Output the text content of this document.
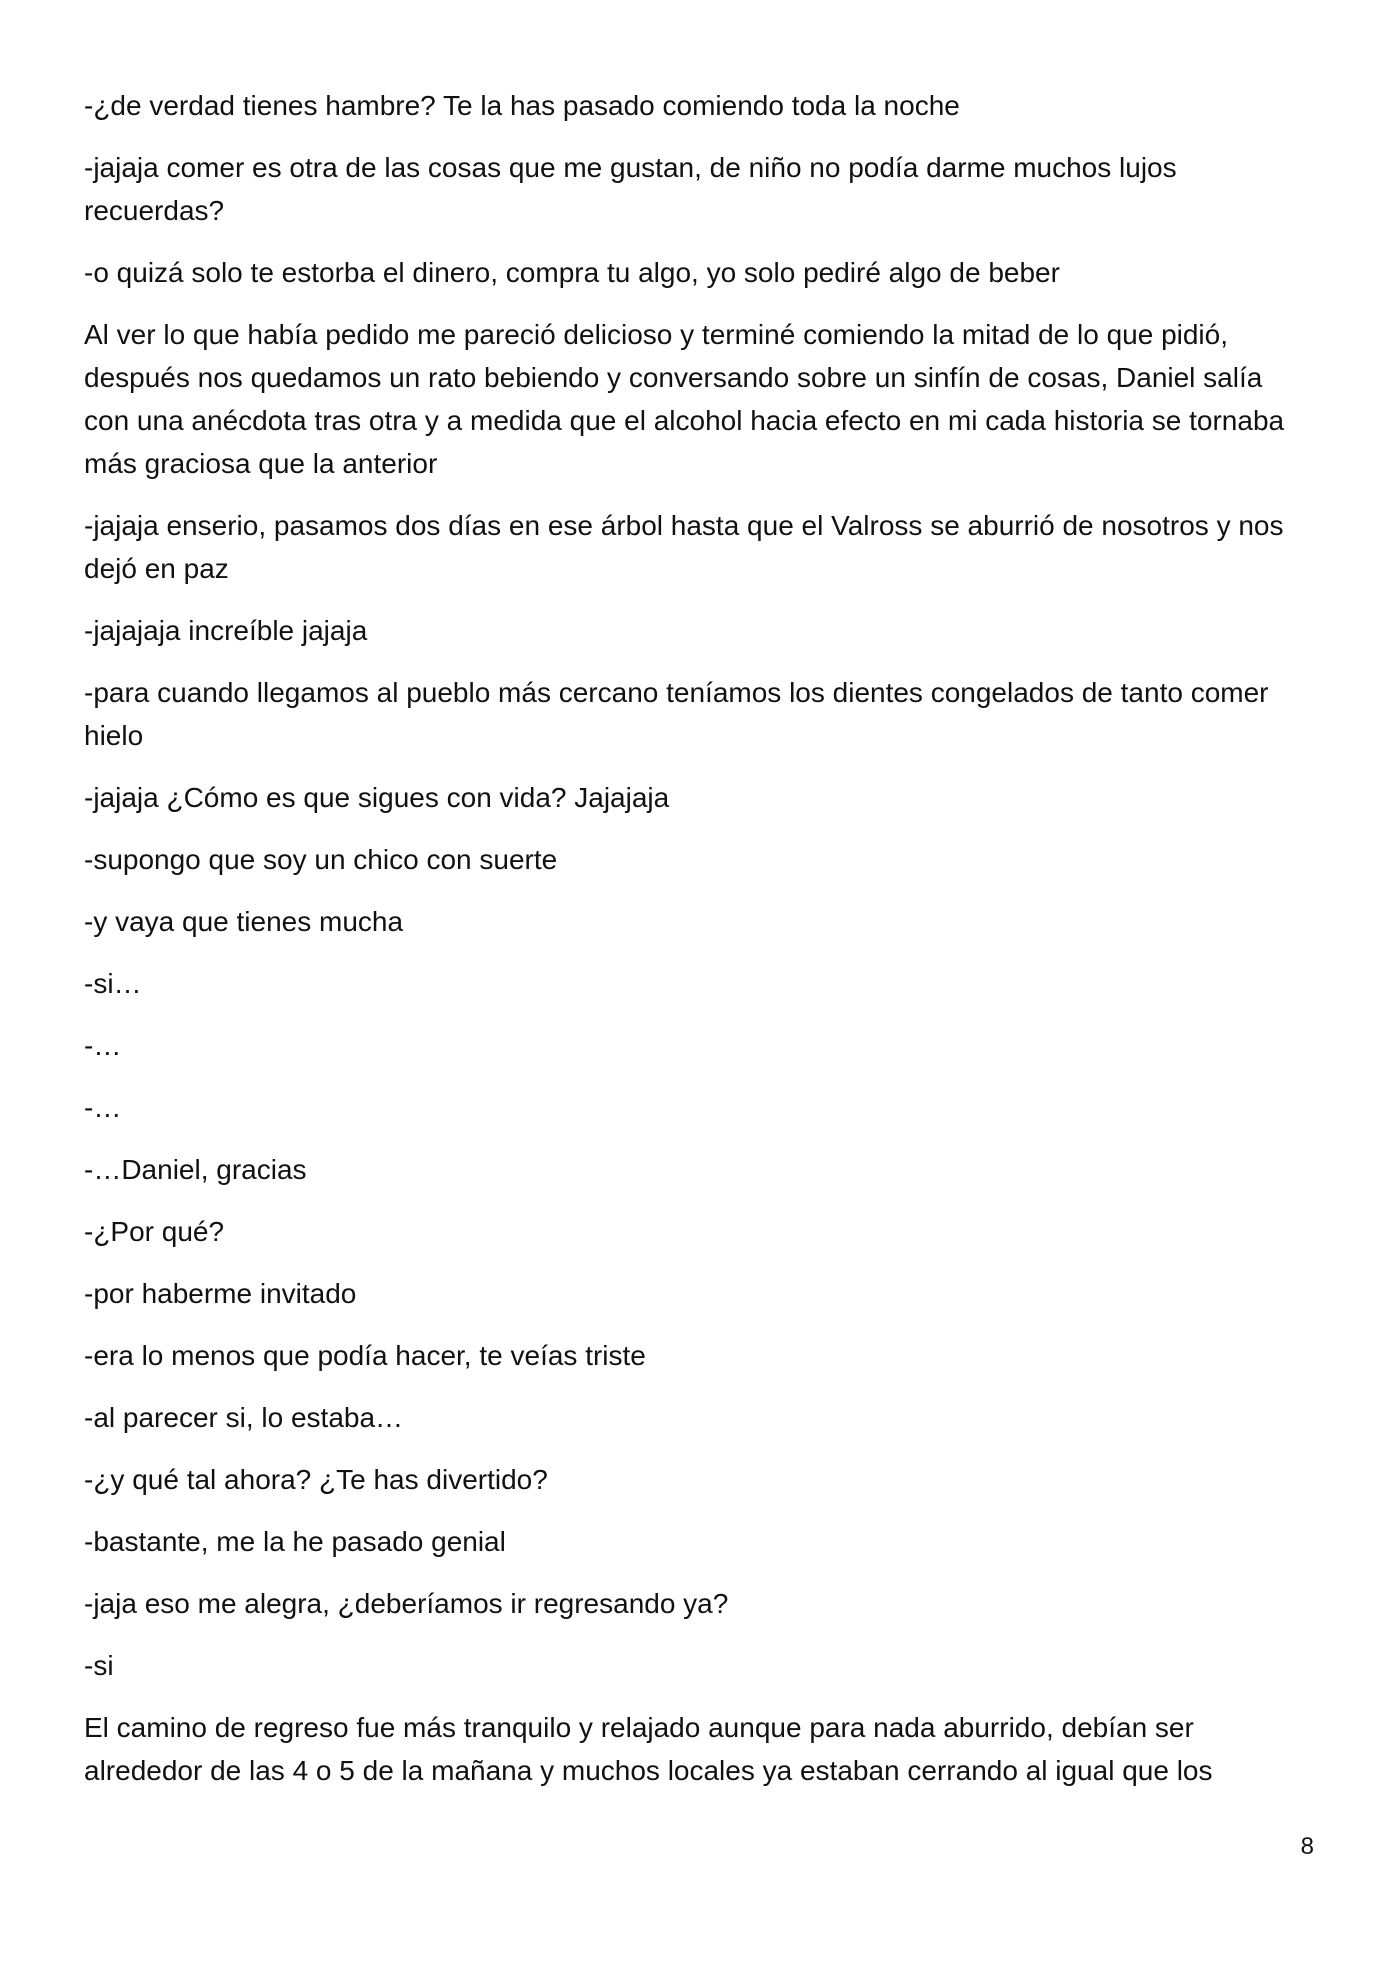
-¿de verdad tienes hambre? Te la has pasado comiendo toda la noche

-jajaja comer es otra de las cosas que me gustan, de niño no podía darme muchos lujos recuerdas?

-o quizá solo te estorba el dinero, compra tu algo, yo solo pediré algo de beber

Al ver lo que había pedido me pareció delicioso y terminé comiendo la mitad de lo que pidió, después nos quedamos un rato bebiendo y conversando sobre un sinfín de cosas, Daniel salía con una anécdota tras otra y a medida que el alcohol hacia efecto en mi cada historia se tornaba más graciosa que la anterior

-jajaja enserio, pasamos dos días en ese árbol hasta que el Valross se aburrió de nosotros y nos dejó en paz

-jajajaja increíble jajaja

-para cuando llegamos al pueblo más cercano teníamos los dientes congelados de tanto comer hielo

-jajaja ¿Cómo es que sigues con vida? Jajajaja

-supongo que soy un chico con suerte

-y vaya que tienes mucha

-si…

-…

-…

-…Daniel, gracias

-¿Por qué?

-por haberme invitado

-era lo menos que podía hacer, te veías triste

-al parecer si, lo estaba…

-¿y qué tal ahora? ¿Te has divertido?

-bastante, me la he pasado genial

-jaja eso me alegra, ¿deberíamos ir regresando ya?

-si

El camino de regreso fue más tranquilo y relajado aunque para nada aburrido, debían ser alrededor de las 4 o 5 de la mañana y muchos locales ya estaban cerrando al igual que los

8
